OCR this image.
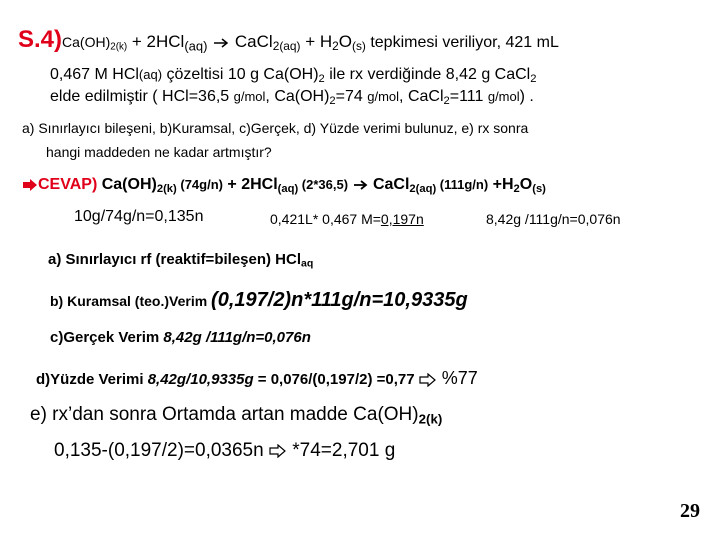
$S.4)Ca(OH)_{2(k)} + 2HCl_{(aq)}$ CaCl$_{2(aq)}$ + $H_2O_{(s)}$ tepkimesi veriliyor, 421 mL
0,467 M HCl(aq) çözeltisi 10 g $Ca(OH)_2$ ile rx verdiğinde 8,42 g CaCl$_2$
elde edilmiştir ( HCl=36,5 g/mol, $Ca(OH)_2=74$ g/mol, CaCl$_2$=111 g/mol) .
a) Sınırlayıcı bileşeni, b)Kuramsal, c)Gerçek, d) Yüzde verimi bulunuz, e) rx sonra
hangi maddeden ne kadar artmıştır?
CEVAP) $Ca(OH)_{2(k)}$ (74g/n) + 2HCl$_{(aq)}$ (2*36,5)  CaCl$_{2(aq)}$ $(111g/n) +H_2O_{(s)}$
10g/74g/n=0,135n	0,421L* 0,467 M=0,197n	8,42g /111g/n=0,076n
a) Sınırlayıcı rf (reaktif=bileşen) HCl$_{aq}$
b) Kuramsal (teo.)Verim (0,197/2)n*111g/n=10,9335g
c)Gerçek Verim 8,42g /111g/n=0,076n
d)Yüzde Verimi 8,42g/10,9335g = 0,076/(0,197/2) =0,77  %77
e) rx’dan sonra Ortamda artan madde $Ca(OH)_{2(k)}$
0,135-(0,197/2)=0,0365n  *74=2,701 g
29
